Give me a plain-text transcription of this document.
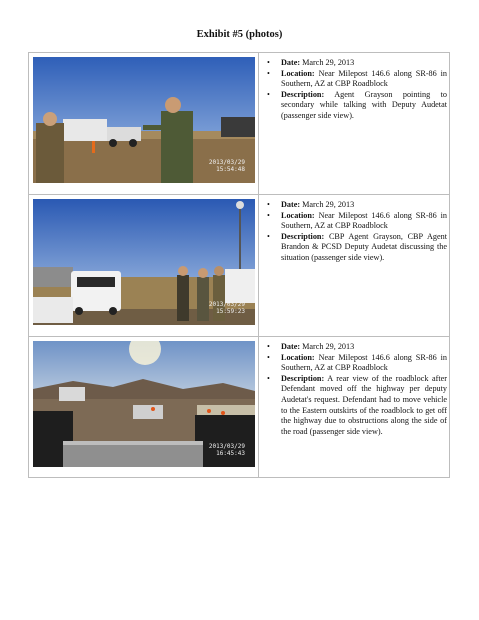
Exhibit #5 (photos)
2013/03/29
15:54:48
• Date: March 29, 2013
• Location: Near Milepost 146.6 along SR-86 in Southern, AZ at CBP Roadblock
• Description: Agent Grayson pointing to secondary while talking with Deputy Audetat (passenger side view).
2013/03/29
15:59:23
• Date: March 29, 2013
• Location: Near Milepost 146.6 along SR-86 in Southern, AZ at CBP Roadblock
• Description: CBP Agent Grayson, CBP Agent Brandon & PCSD Deputy Audetat discussing the situation (passenger side view).
2013/03/29
16:45:43
• Date: March 29, 2013
• Location: Near Milepost 146.6 along SR-86 in Southern, AZ at CBP Roadblock
• Description: A rear view of the roadblock after Defendant moved off the highway per deputy Audetat's request. Defendant had to move vehicle to the Eastern outskirts of the roadblock to get off the highway due to obstructions along the side of the road (passenger side view).
